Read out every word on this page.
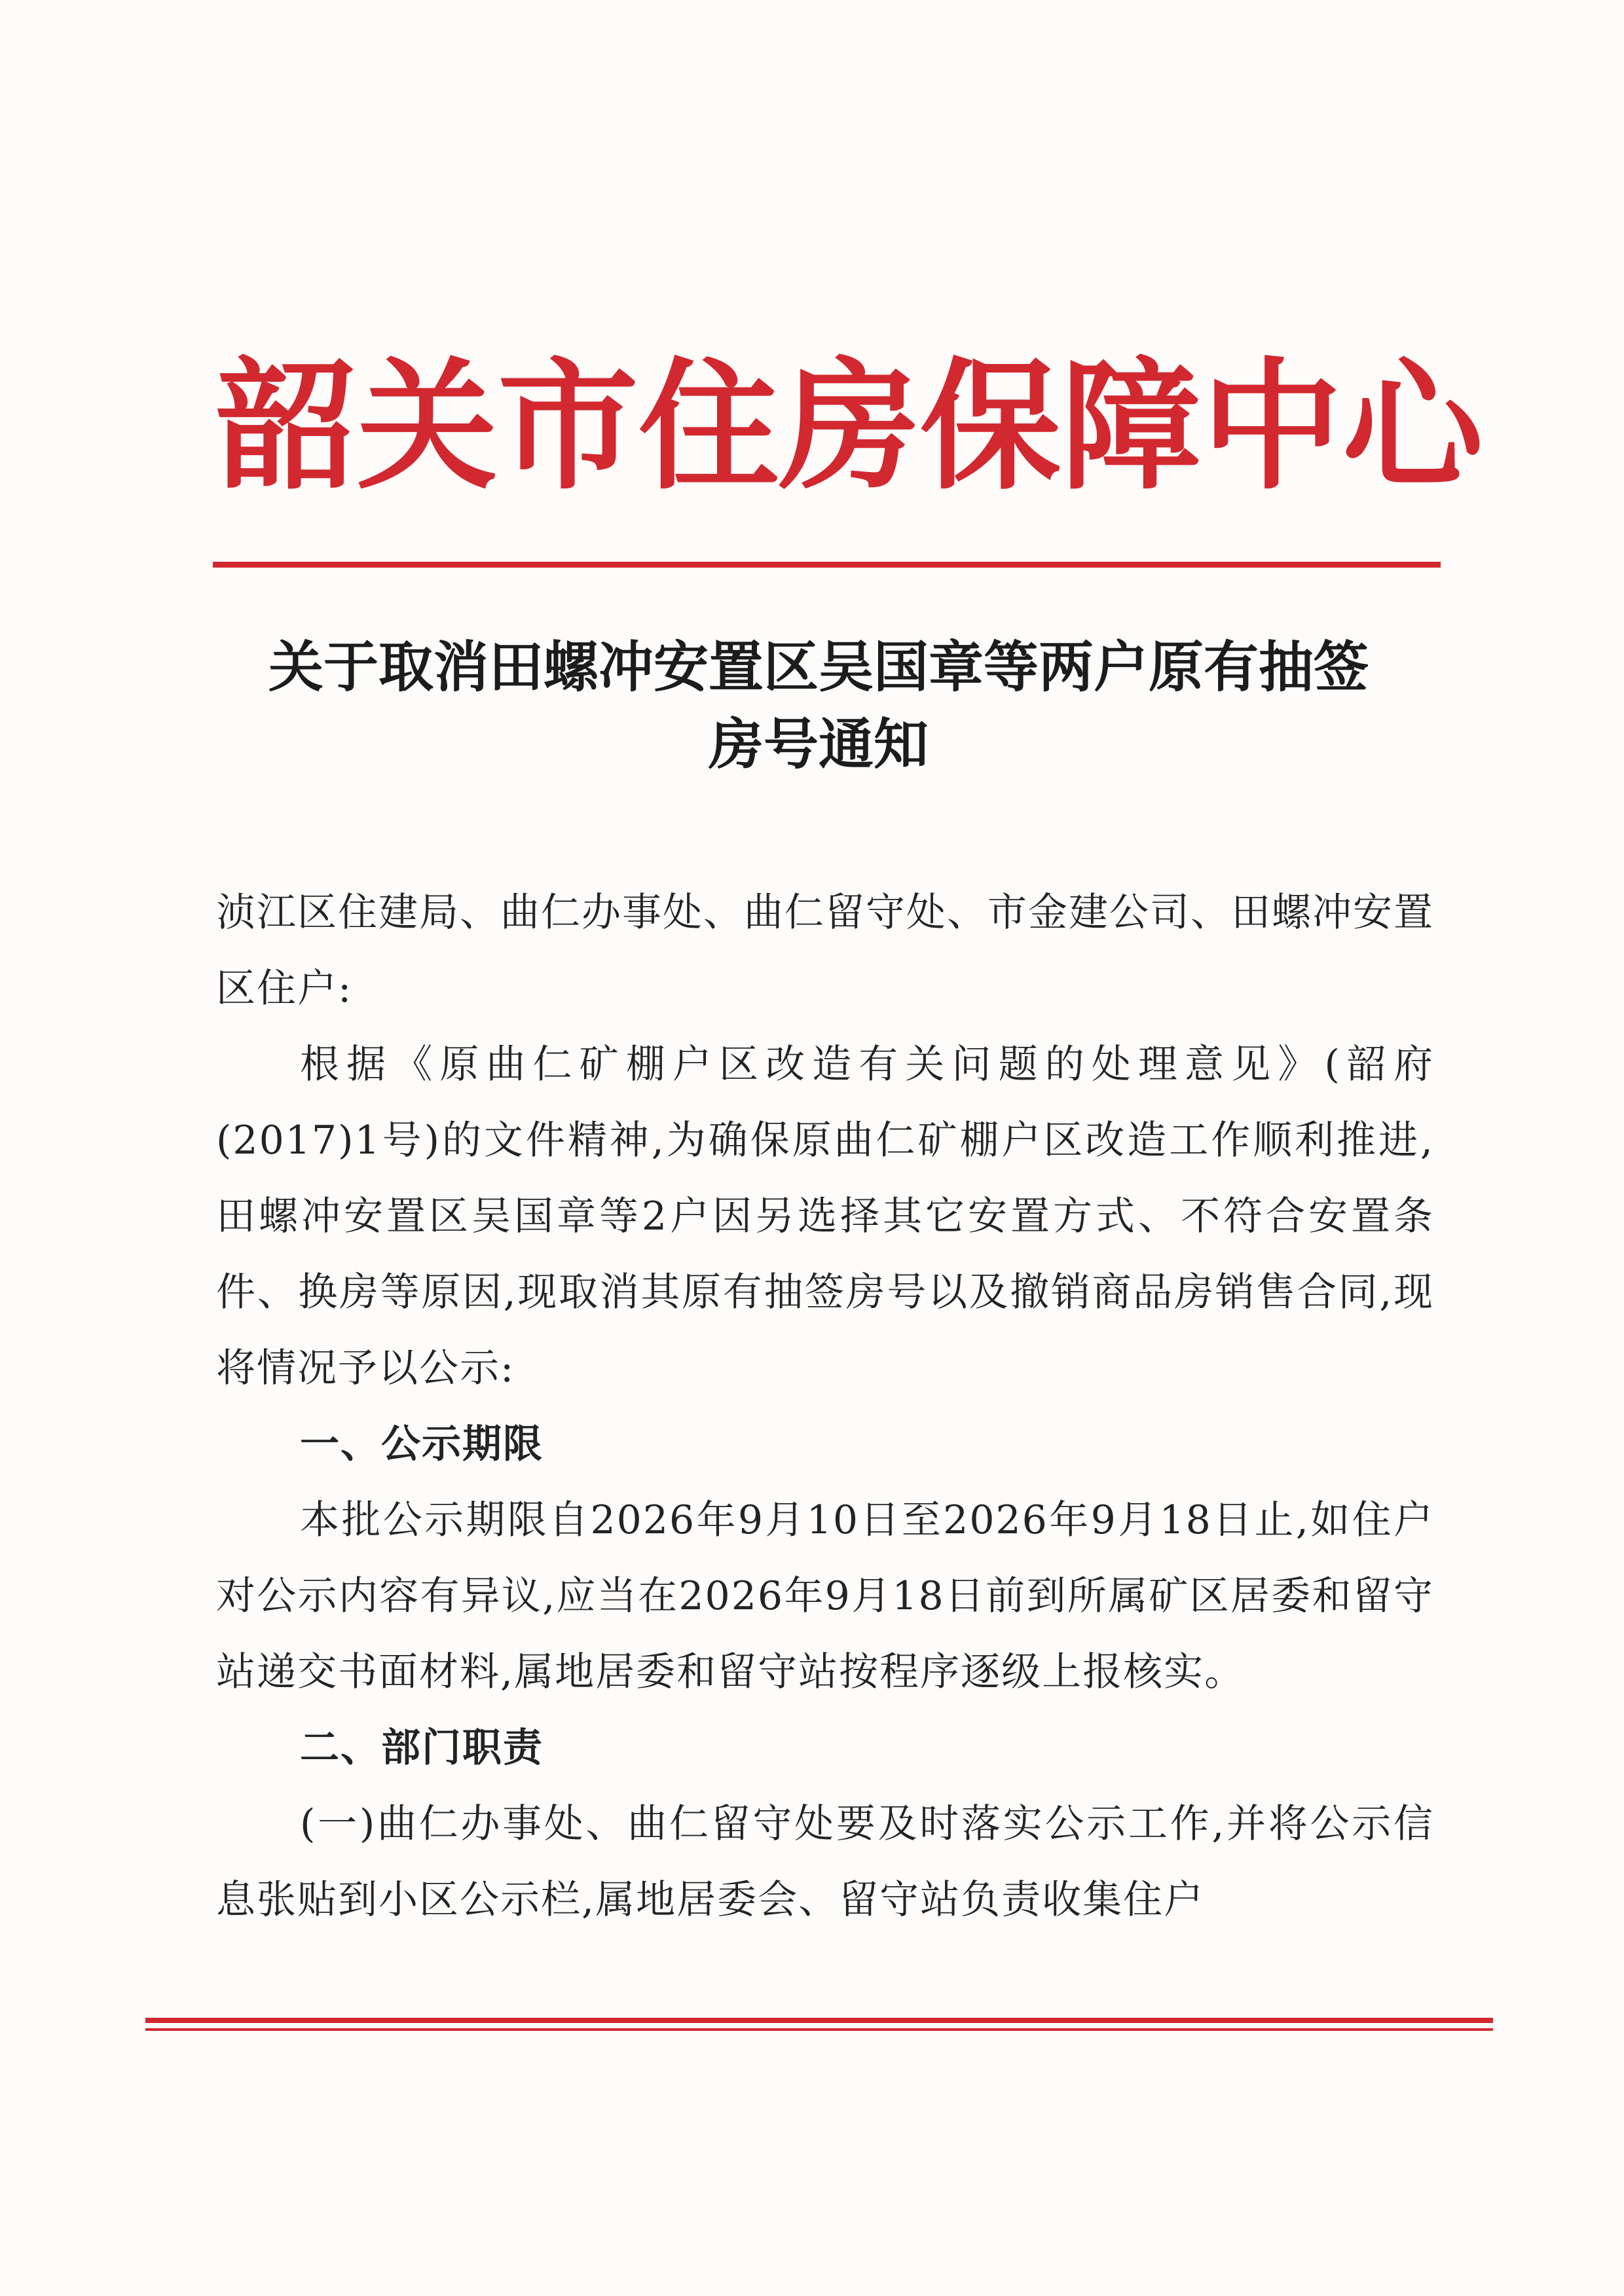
韶 关 市 住 房 保 障 中 心
关于取消田螺冲安置区吴国章等两户原有抽签
房号通知

浈江区住建局、曲仁办事处、曲仁留守处、市金建公司、田螺冲安置区住户:

根据《原曲仁矿棚户区改造有关问题的处理意见》(韶府(2017)1号)的文件精神,为确保原曲仁矿棚户区改造工作顺利推进,田螺冲安置区吴国章等2户因另选择其它安置方式、不符合安置条件、换房等原因,现取消其原有抽签房号以及撤销商品房销售合同,现将情况予以公示:

一、公示期限

本批公示期限自2026年9月10日至2026年9月18日止,如住户对公示内容有异议,应当在2026年9月18日前到所属矿区居委和留守站递交书面材料,属地居委和留守站按程序逐级上报核实。

二、部门职责

(一)曲仁办事处、曲仁留守处要及时落实公示工作,并将公示信息张贴到小区公示栏,属地居委会、留守站负责收集住户
